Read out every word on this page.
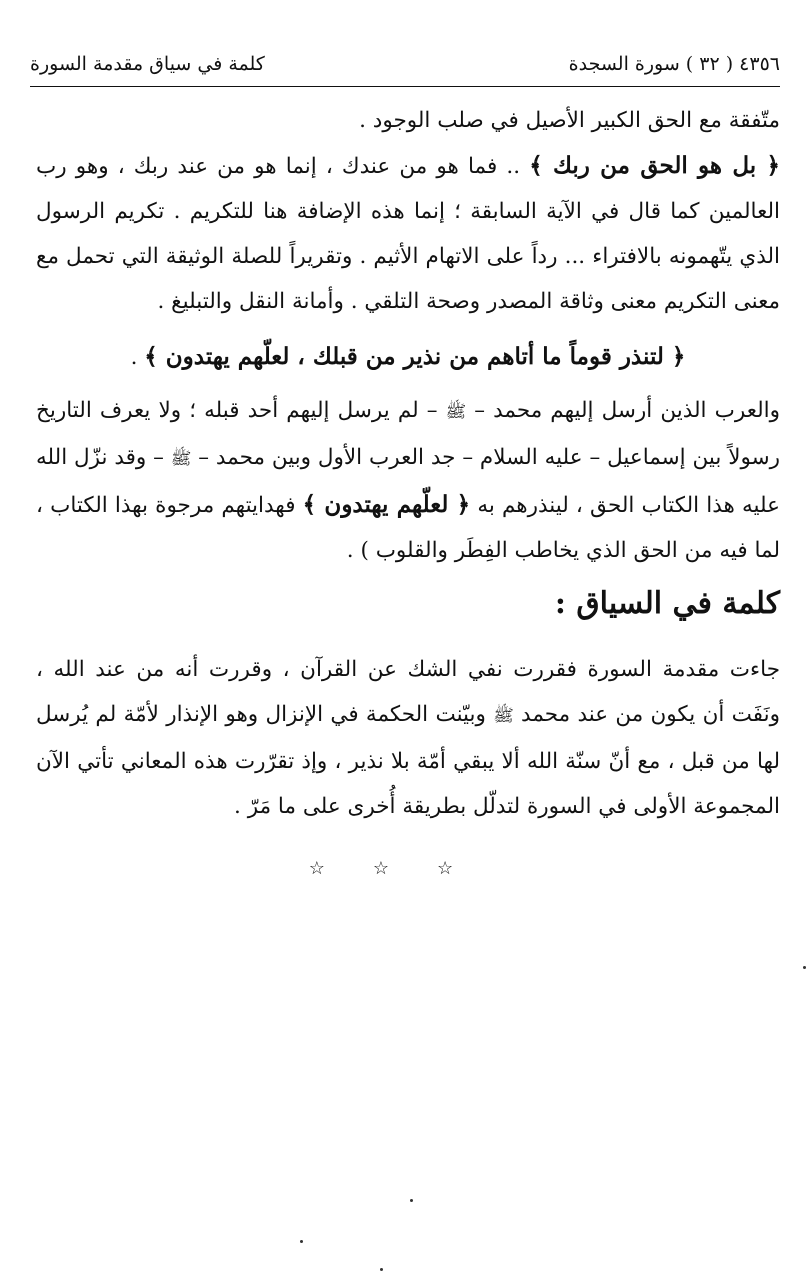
٤٣٥٦ ( ٣٢ ) سورة السجدة
كلمة في سياق مقدمة السورة

متّفقة مع الحق الكبير الأصيل في صلب الوجود .

﴿ بل هو الحق من ربك ﴾ .. فما هو من عندك ، إنما هو من عند ربك ، وهو رب العالمين كما قال في الآية السابقة ؛ إنما هذه الإضافة هنا للتكريم . تكريم الرسول الذي يتّهمونه بالافتراء ... رداً على الاتهام الأثيم . وتقريراً للصلة الوثيقة التي تحمل مع معنى التكريم معنى وثاقة المصدر وصحة التلقي . وأمانة النقل والتبليغ .

﴿ لتنذر قوماً ما أتاهم من نذير من قبلك ، لعلّهم يهتدون ﴾ .

والعرب الذين أرسل إليهم محمد – ﷺ – لم يرسل إليهم أحد قبله ؛ ولا يعرف التاريخ رسولاً بين إسماعيل – عليه السلام – جد العرب الأول وبين محمد – ﷺ – وقد نزّل الله عليه هذا الكتاب الحق ، لينذرهم به ﴿ لعلّهم يهتدون ﴾ فهدايتهم مرجوة بهذا الكتاب ، لما فيه من الحق الذي يخاطب الفِطَر والقلوب ) .

كلمة في السياق :

جاءت مقدمة السورة فقررت نفي الشك عن القرآن ، وقررت أنه من عند الله ، ونَفَت أن يكون من عند محمد ﷺ وبيّنت الحكمة في الإنزال وهو الإنذار لأمّة لم يُرسل لها من قبل ، مع أنّ سنّة الله ألا يبقي أمّة بلا نذير ، وإذ تقرّرت هذه المعاني تأتي الآن المجموعة الأولى في السورة لتدلّل بطريقة أُخرى على ما مَرّ .

☆☆☆
